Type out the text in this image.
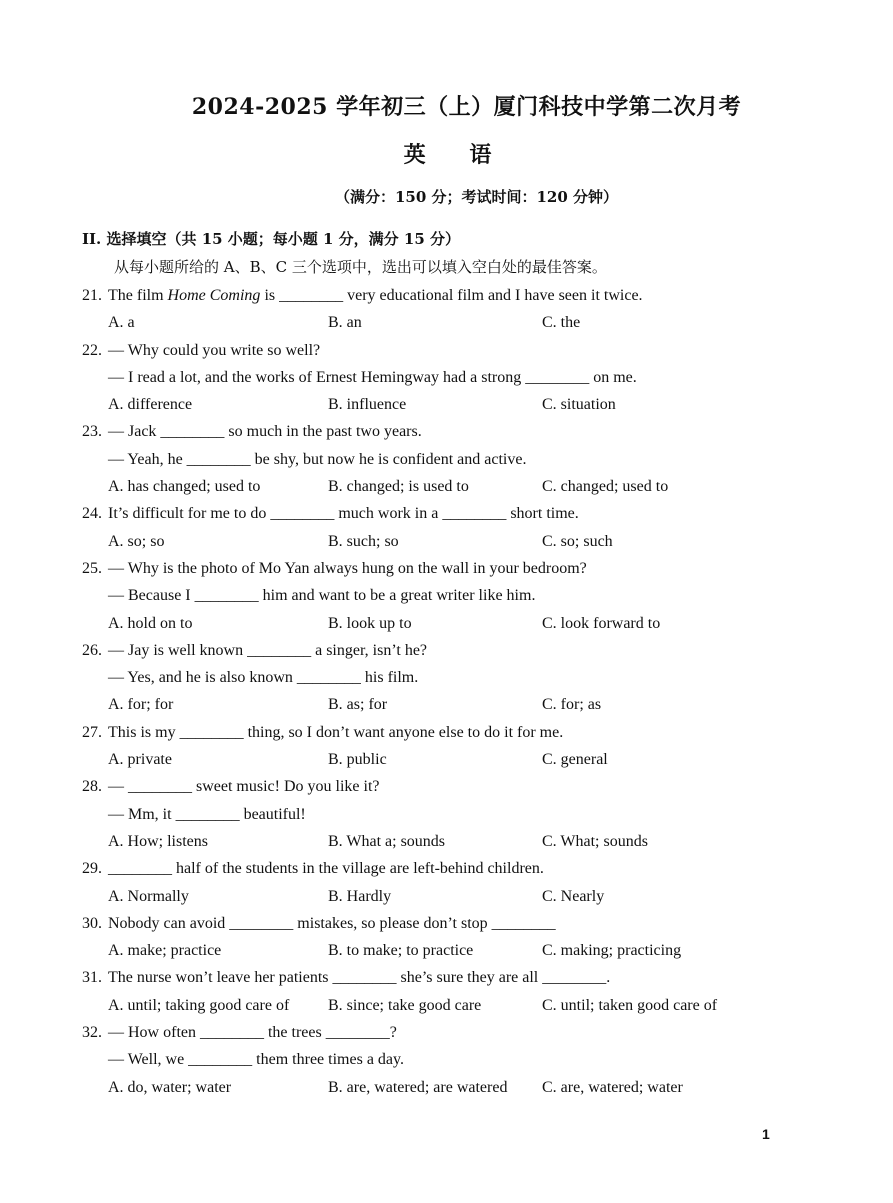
2024-2025 学年初三（上）厦门科技中学第二次月考
英 语
（满分：150 分；考试时间：120 分钟）
II. 选择填空（共 15 小题；每小题 1 分，满分 15 分）
从每小题所给的 A、B、C 三个选项中，选出可以填入空白处的最佳答案。
21. The film Home Coming is ________ very educational film and I have seen it twice.
A. a	B. an	C. the
22. — Why could you write so well?
— I read a lot, and the works of Ernest Hemingway had a strong ________ on me.
A. difference	B. influence	C. situation
23. — Jack ________ so much in the past two years.
— Yeah, he ________ be shy, but now he is confident and active.
A. has changed; used to	B. changed; is used to	C. changed; used to
24. It’s difficult for me to do ________ much work in a ________ short time.
A. so; so	B. such; so	C. so; such
25. — Why is the photo of Mo Yan always hung on the wall in your bedroom?
— Because I ________ him and want to be a great writer like him.
A. hold on to	B. look up to	C. look forward to
26. — Jay is well known ________ a singer, isn’t he?
— Yes, and he is also known ________ his film.
A. for; for	B. as; for	C. for; as
27. This is my ________ thing, so I don’t want anyone else to do it for me.
A. private	B. public	C. general
28. — ________ sweet music! Do you like it?
— Mm, it ________ beautiful!
A. How; listens	B. What a; sounds	C. What; sounds
29. ________ half of the students in the village are left-behind children.
A. Normally	B. Hardly	C. Nearly
30. Nobody can avoid ________ mistakes, so please don’t stop ________
A. make; practice	B. to make; to practice	C. making; practicing
31. The nurse won’t leave her patients ________ she’s sure they are all ________.
A. until; taking good care of B. since; take good care	C. until; taken good care of
32. — How often ________ the trees ________?
— Well, we ________ them three times a day.
A. do, water; water	B. are, watered; are watered C. are, watered; water
1
